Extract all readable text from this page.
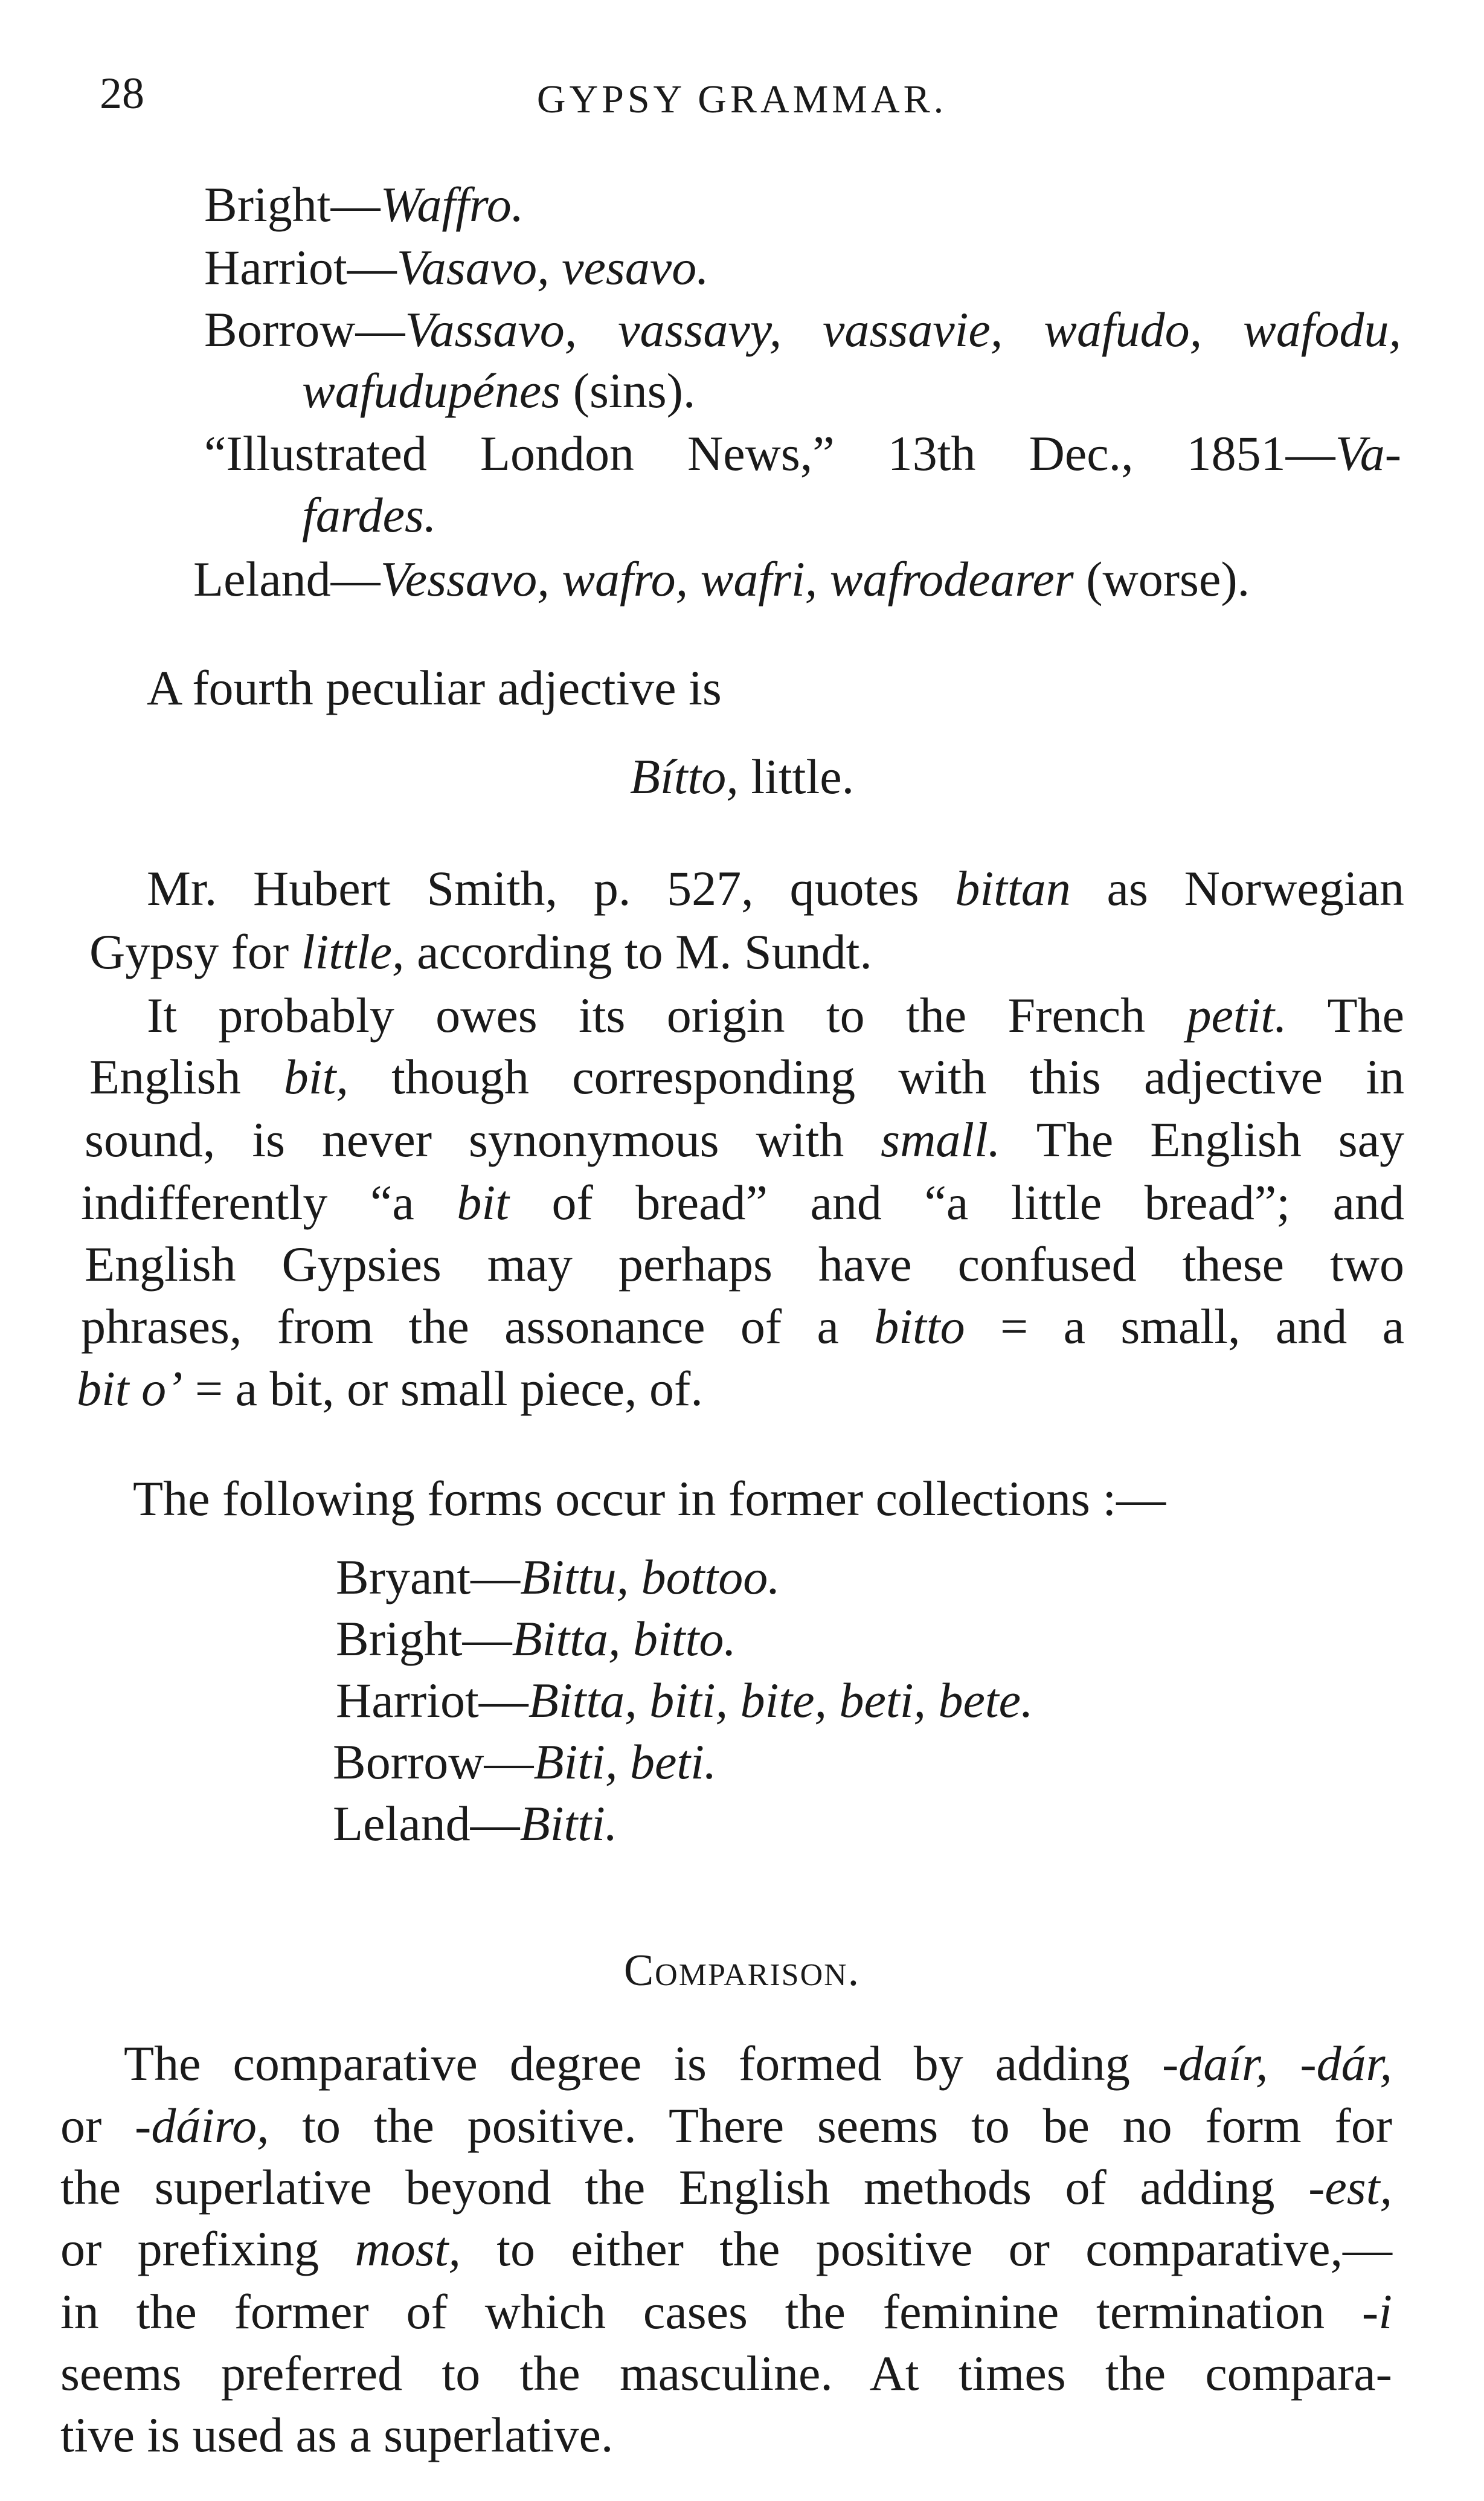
28	GYPSY GRAMMAR.
Bright—Waffro.
Harriot—Vasavo, vesavo.
Borrow—Vassavo, vassavy, vassavie, wafudo, wafodu,
wafudupénes (sins).
“Illustrated London News,” 13th Dec., 1851—Va-
fardes.
Leland—Vessavo, wafro, wafri, wafrodearer (worse).
A fourth peculiar adjective is
Bítto, little.
Mr. Hubert Smith, p. 527, quotes bittan as Norwegian
Gypsy for little, according to M. Sundt.
It probably owes its origin to the French petit. The
English bit, though corresponding with this adjective in
sound, is never synonymous with small. The English say
indifferently “a bit of bread” and “a little bread”; and
English Gypsies may perhaps have confused these two
phrases, from the assonance of a bitto = a small, and a
bit o’ = a bit, or small piece, of.
The following forms occur in former collections :—
Bryant—Bittu, bottoo.
Bright—Bitta, bitto.
Harriot—Bitta, biti, bite, beti, bete.
Borrow—Biti, beti.
Leland—Bitti.
Comparison.
The comparative degree is formed by adding -daír, -dár,
or -dáiro, to the positive. There seems to be no form for
the superlative beyond the English methods of adding -est,
or prefixing most, to either the positive or comparative,—
in the former of which cases the feminine termination -i
seems preferred to the masculine. At times the compara-
tive is used as a superlative.
